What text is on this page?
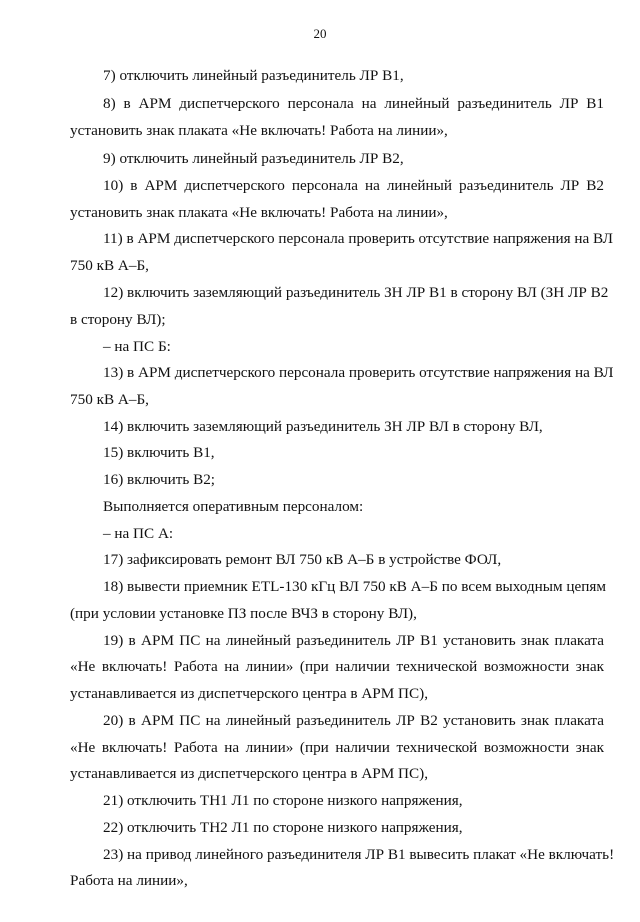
20
7) отключить линейный разъединитель ЛР В1,
8) в АРМ диспетчерского персонала на линейный разъединитель ЛР В1
установить знак плаката «Не включать! Работа на линии»,
9) отключить линейный разъединитель ЛР В2,
10) в АРМ диспетчерского персонала на линейный разъединитель ЛР В2
установить знак плаката «Не включать! Работа на линии»,
11) в АРМ диспетчерского персонала проверить отсутствие напряжения на ВЛ
750 кВ А–Б,
12) включить заземляющий разъединитель ЗН ЛР В1 в сторону ВЛ (ЗН ЛР В2
в сторону ВЛ);
– на ПС Б:
13) в АРМ диспетчерского персонала проверить отсутствие напряжения на ВЛ
750 кВ А–Б,
14) включить заземляющий разъединитель ЗН ЛР ВЛ в сторону ВЛ,
15) включить В1,
16) включить В2;
Выполняется оперативным персоналом:
– на ПС А:
17) зафиксировать ремонт ВЛ 750 кВ А–Б в устройстве ФОЛ,
18) вывести приемник ETL-130 кГц ВЛ 750 кВ А–Б по всем выходным цепям
(при условии установке ПЗ после ВЧЗ в сторону ВЛ),
19) в АРМ ПС на линейный разъединитель ЛР В1 установить знак плаката
«Не включать! Работа на линии» (при наличии технической возможности знак
устанавливается из диспетчерского центра в АРМ ПС),
20) в АРМ ПС на линейный разъединитель ЛР В2 установить знак плаката
«Не включать! Работа на линии» (при наличии технической возможности знак
устанавливается из диспетчерского центра в АРМ ПС),
21) отключить ТН1 Л1 по стороне низкого напряжения,
22) отключить ТН2 Л1 по стороне низкого напряжения,
23) на привод линейного разъединителя ЛР В1 вывесить плакат «Не включать!
Работа на линии»,
